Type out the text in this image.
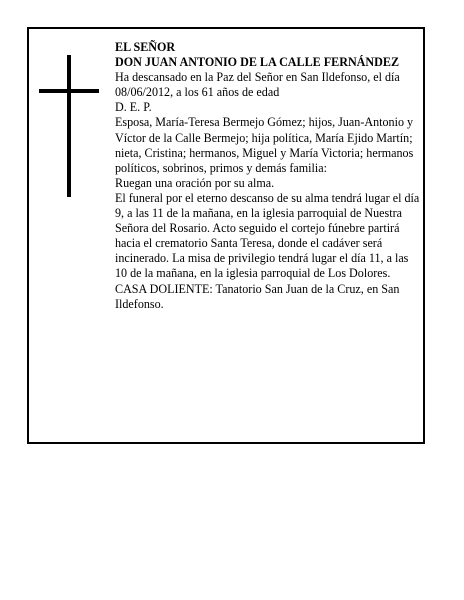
EL SEÑOR

DON JUAN ANTONIO DE LA CALLE FERNÁNDEZ

Ha descansado en la Paz del Señor en San Ildefonso, el día 08/06/2012, a los 61 años de edad

D. E. P.

Esposa, María-Teresa Bermejo Gómez; hijos, Juan-Antonio y Víctor de la Calle Bermejo; hija política, María Ejido Martín; nieta, Cristina; hermanos, Miguel y María Victoria; hermanos políticos, sobrinos, primos y demás familia:

Ruegan una oración por su alma.

El funeral por el eterno descanso de su alma tendrá lugar el día 9, a las 11 de la mañana, en la iglesia parroquial de Nuestra Señora del Rosario. Acto seguido el cortejo fúnebre partirá hacia el crematorio Santa Teresa, donde el cadáver será incinerado. La misa de privilegio tendrá lugar el día 11, a las 10 de la mañana, en la iglesia parroquial de Los Dolores.

CASA DOLIENTE: Tanatorio San Juan de la Cruz, en San Ildefonso.
